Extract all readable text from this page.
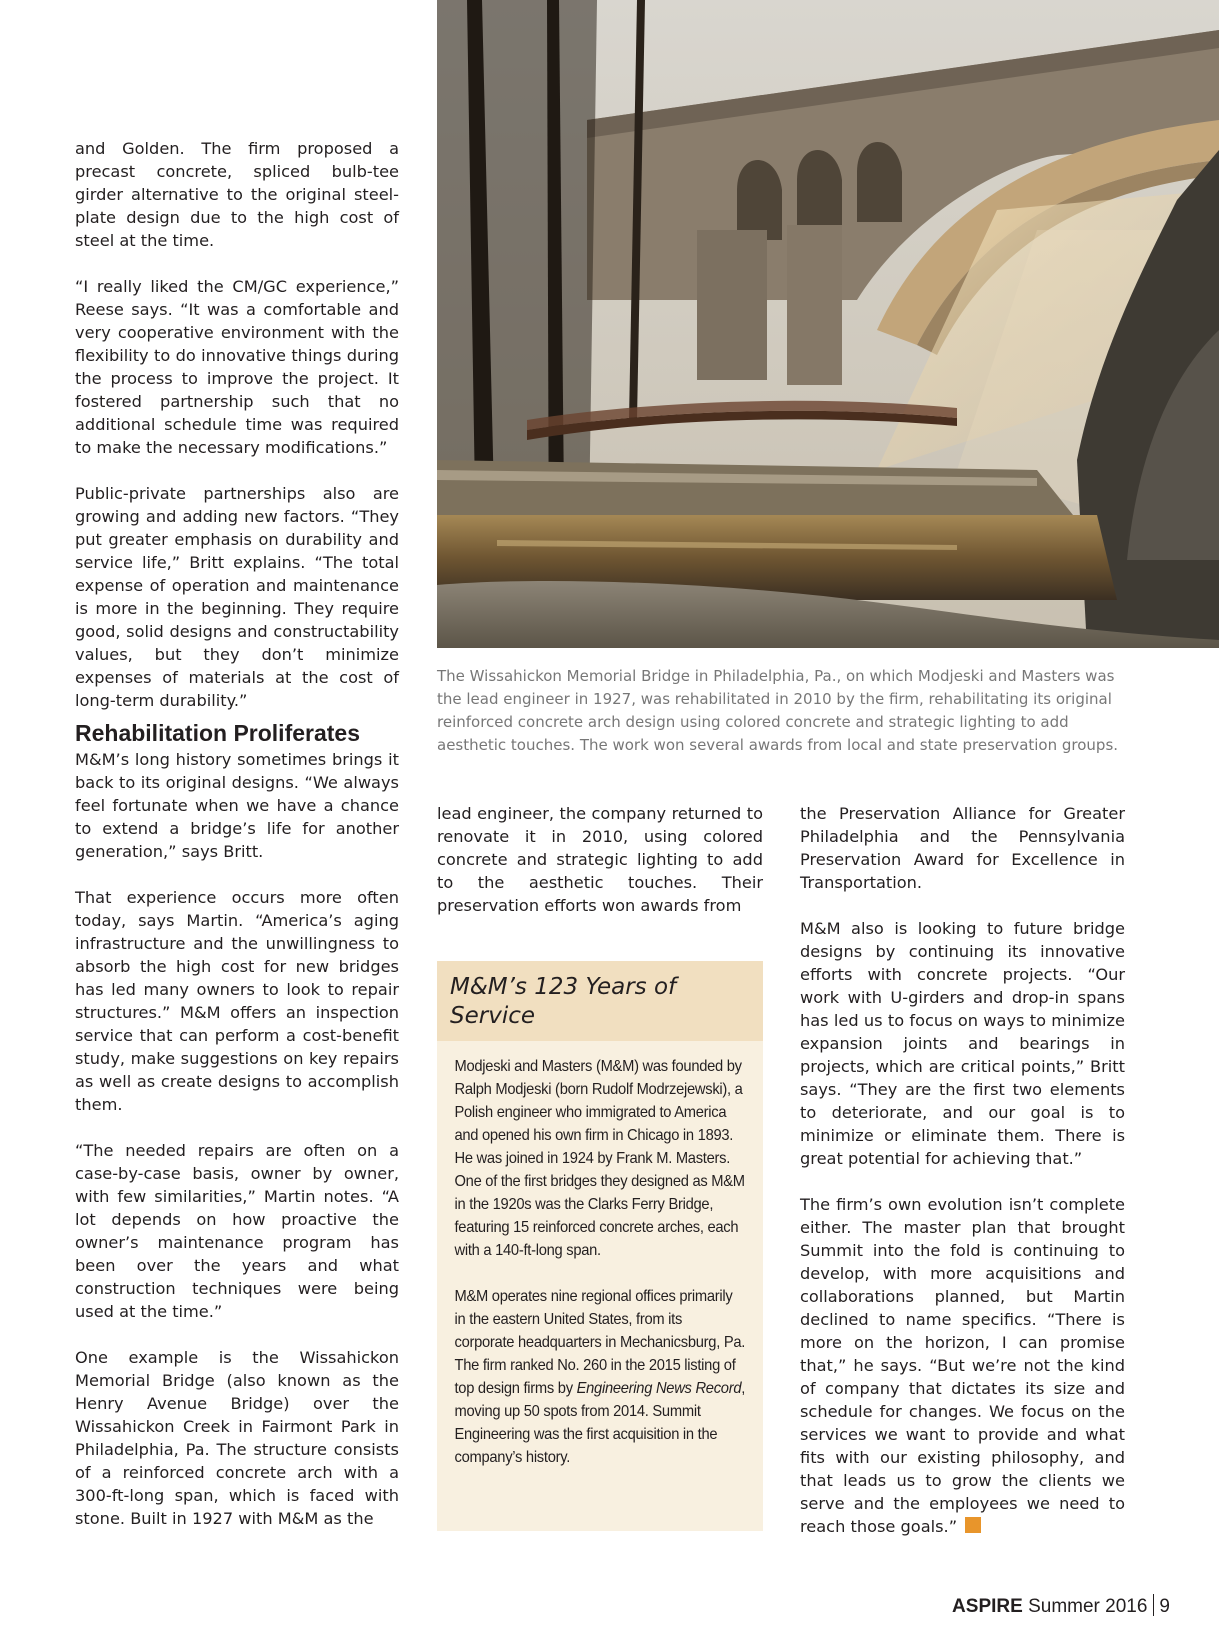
and Golden. The firm proposed a precast concrete, spliced bulb-tee girder alternative to the original steel-plate design due to the high cost of steel at the time.

“I really liked the CM/GC experience,” Reese says. “It was a comfortable and very cooperative environment with the flexibility to do innovative things during the process to improve the project. It fostered partnership such that no additional schedule time was required to make the necessary modifications.”

Public-private partnerships also are growing and adding new factors. “They put greater emphasis on durability and service life,” Britt explains. “The total expense of operation and maintenance is more in the beginning. They require good, solid designs and constructability values, but they don’t minimize expenses of materials at the cost of long-term durability.”

Rehabilitation Proliferates

M&M’s long history sometimes brings it back to its original designs. “We always feel fortunate when we have a chance to extend a bridge’s life for another generation,” says Britt.

That experience occurs more often today, says Martin. “America’s aging infrastructure and the unwillingness to absorb the high cost for new bridges has led many owners to look to repair structures.” M&M offers an inspection service that can perform a cost-benefit study, make suggestions on key repairs as well as create designs to accomplish them.

“The needed repairs are often on a case-by-case basis, owner by owner, with few similarities,” Martin notes. “A lot depends on how proactive the owner’s maintenance program has been over the years and what construction techniques were being used at the time.”

One example is the Wissahickon Memorial Bridge (also known as the Henry Avenue Bridge) over the Wissahickon Creek in Fairmont Park in Philadelphia, Pa. The structure consists of a reinforced concrete arch with a 300-ft-long span, which is faced with stone. Built in 1927 with M&M as the

The Wissahickon Memorial Bridge in Philadelphia, Pa., on which Modjeski and Masters was the lead engineer in 1927, was rehabilitated in 2010 by the firm, rehabilitating its original reinforced concrete arch design using colored concrete and strategic lighting to add aesthetic touches. The work won several awards from local and state preservation groups.

lead engineer, the company returned to renovate it in 2010, using colored concrete and strategic lighting to add to the aesthetic touches. Their preservation efforts won awards from

M&M’s 123 Years of Service

Modjeski and Masters (M&M) was founded by Ralph Modjeski (born Rudolf Modrzejewski), a Polish engineer who immigrated to America and opened his own firm in Chicago in 1893. He was joined in 1924 by Frank M. Masters. One of the first bridges they designed as M&M in the 1920s was the Clarks Ferry Bridge, featuring 15 reinforced concrete arches, each with a 140-ft-long span.

M&M operates nine regional offices primarily in the eastern United States, from its corporate headquarters in Mechanicsburg, Pa. The firm ranked No. 260 in the 2015 listing of top design firms by Engineering News Record, moving up 50 spots from 2014. Summit Engineering was the first acquisition in the company’s history.

the Preservation Alliance for Greater Philadelphia and the Pennsylvania Preservation Award for Excellence in Transportation.

M&M also is looking to future bridge designs by continuing its innovative efforts with concrete projects. “Our work with U-girders and drop-in spans has led us to focus on ways to minimize expansion joints and bearings in projects, which are critical points,” Britt says. “They are the first two elements to deteriorate, and our goal is to minimize or eliminate them. There is great potential for achieving that.”

The firm’s own evolution isn’t complete either. The master plan that brought Summit into the fold is continuing to develop, with more acquisitions and collaborations planned, but Martin declined to name specifics. “There is more on the horizon, I can promise that,” he says. “But we’re not the kind of company that dictates its size and schedule for changes. We focus on the services we want to provide and what fits with our existing philosophy, and that leads us to grow the clients we serve and the employees we need to reach those goals.”

ASPIRE Summer 2016 9
